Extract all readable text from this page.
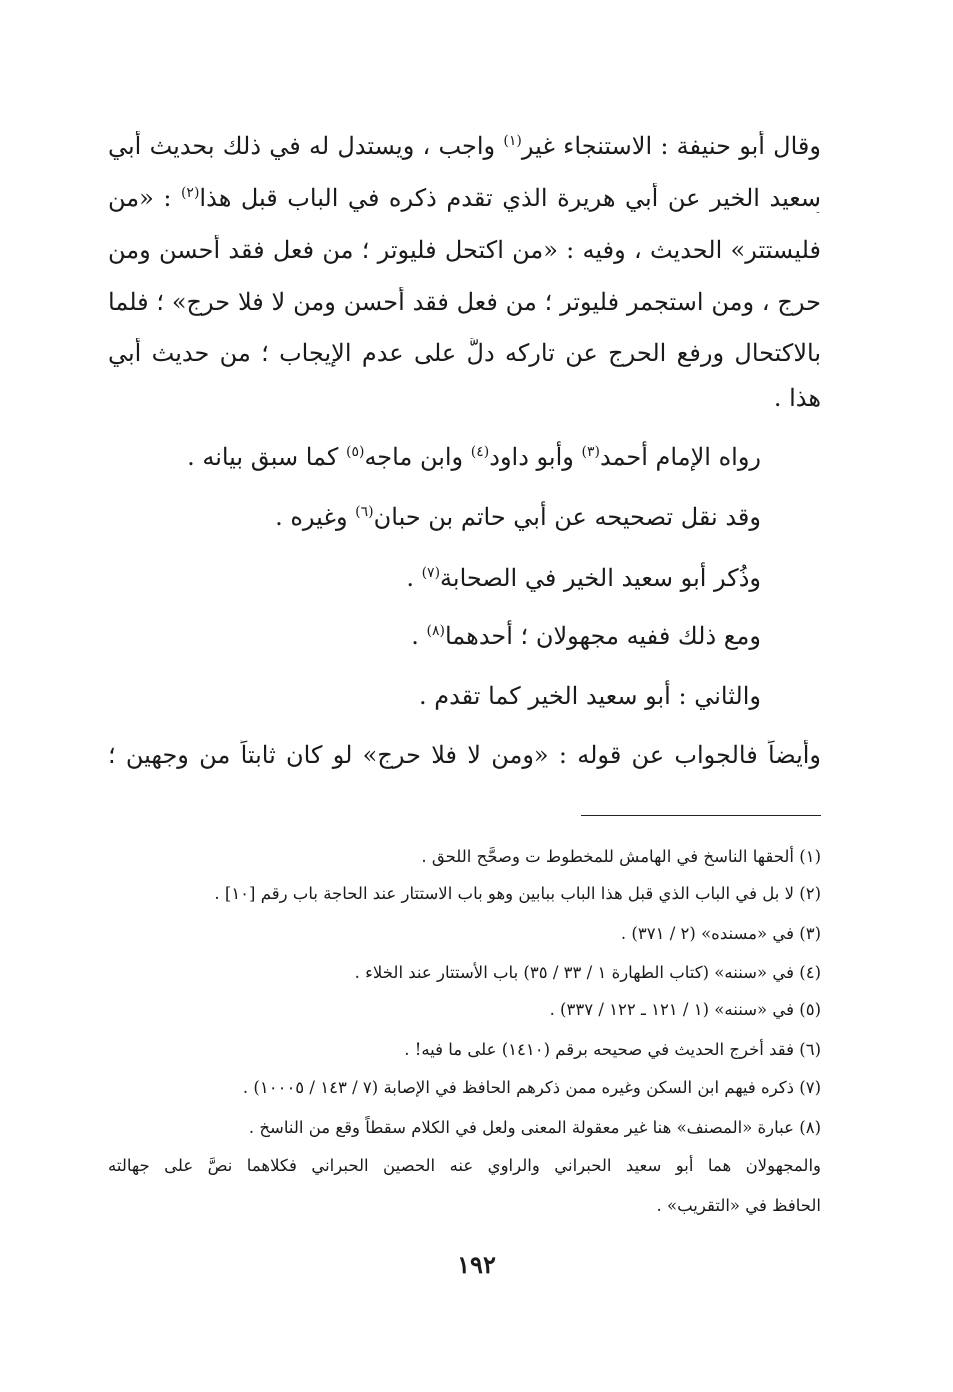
وقال أبو حنيفة : الاستنجاء غير$^{(١)}$ واجب ، ويستدل له في ذلك بحديث أبي
سعيد الخير عن أبي هريرة الذي تقدم ذكره في الباب قبل هذا$^{(٢)}$ : «من
فليستتر» الحديث ، وفيه : «من اكتحل فليوتر ؛ من فعل فقد أحسن ومن
حرج ، ومن استجمر فليوتر ؛ من فعل فقد أحسن ومن لا فلا حرج» ؛ فلما
بالاكتحال ورفع الحرج عن تاركه دلَّ على عدم الإيجاب ؛ من حديث أبي
هذا .
رواه الإمام أحمد$^{(٣)}$ وأبو داود$^{(٤)}$ وابن ماجه$^{(٥)}$ كما سبق بيانه .
وقد نقل تصحيحه عن أبي حاتم بن حبان$^{(٦)}$ وغيره .
وذُكر أبو سعيد الخير في الصحابة$^{(٧)}$ .
ومع ذلك ففيه مجهولان ؛ أحدهما$^{(٨)}$ .
والثاني : أبو سعيد الخير كما تقدم .
وأيضاً فالجواب عن قوله : «ومن لا فلا حرج» لو كان ثابتاً من وجهين ؛
(١) ألحقها الناسخ في الهامش للمخطوط ت وصحَّح اللحق .
(٢) لا بل في الباب الذي قبل هذا الباب ببابين وهو باب الاستتار عند الحاجة باب رقم [١٠] .
(٣) في «مسنده» (٢ / ٣٧١) .
(٤) في «سننه» (كتاب الطهارة ١ / ٣٣ / ٣٥) باب الأستتار عند الخلاء .
(٥) في «سننه» (١ / ١٢١ ـ ١٢٢ / ٣٣٧) .
(٦) فقد أخرج الحديث في صحيحه برقم (١٤١٠) على ما فيه! .
(٧) ذكره فيهم ابن السكن وغيره ممن ذكرهم الحافظ في الإصابة (٧ / ١٤٣ / ١٠٠٠٥) .
(٨) عبارة «المصنف» هنا غير معقولة المعنى ولعل في الكلام سقطاً وقع من الناسخ .
والمجهولان هما أبو سعيد الحبراني والراوي عنه الحصين الحبراني فكلاهما نصَّ على جهالته
الحافظ في «التقريب» .
١٩٢
